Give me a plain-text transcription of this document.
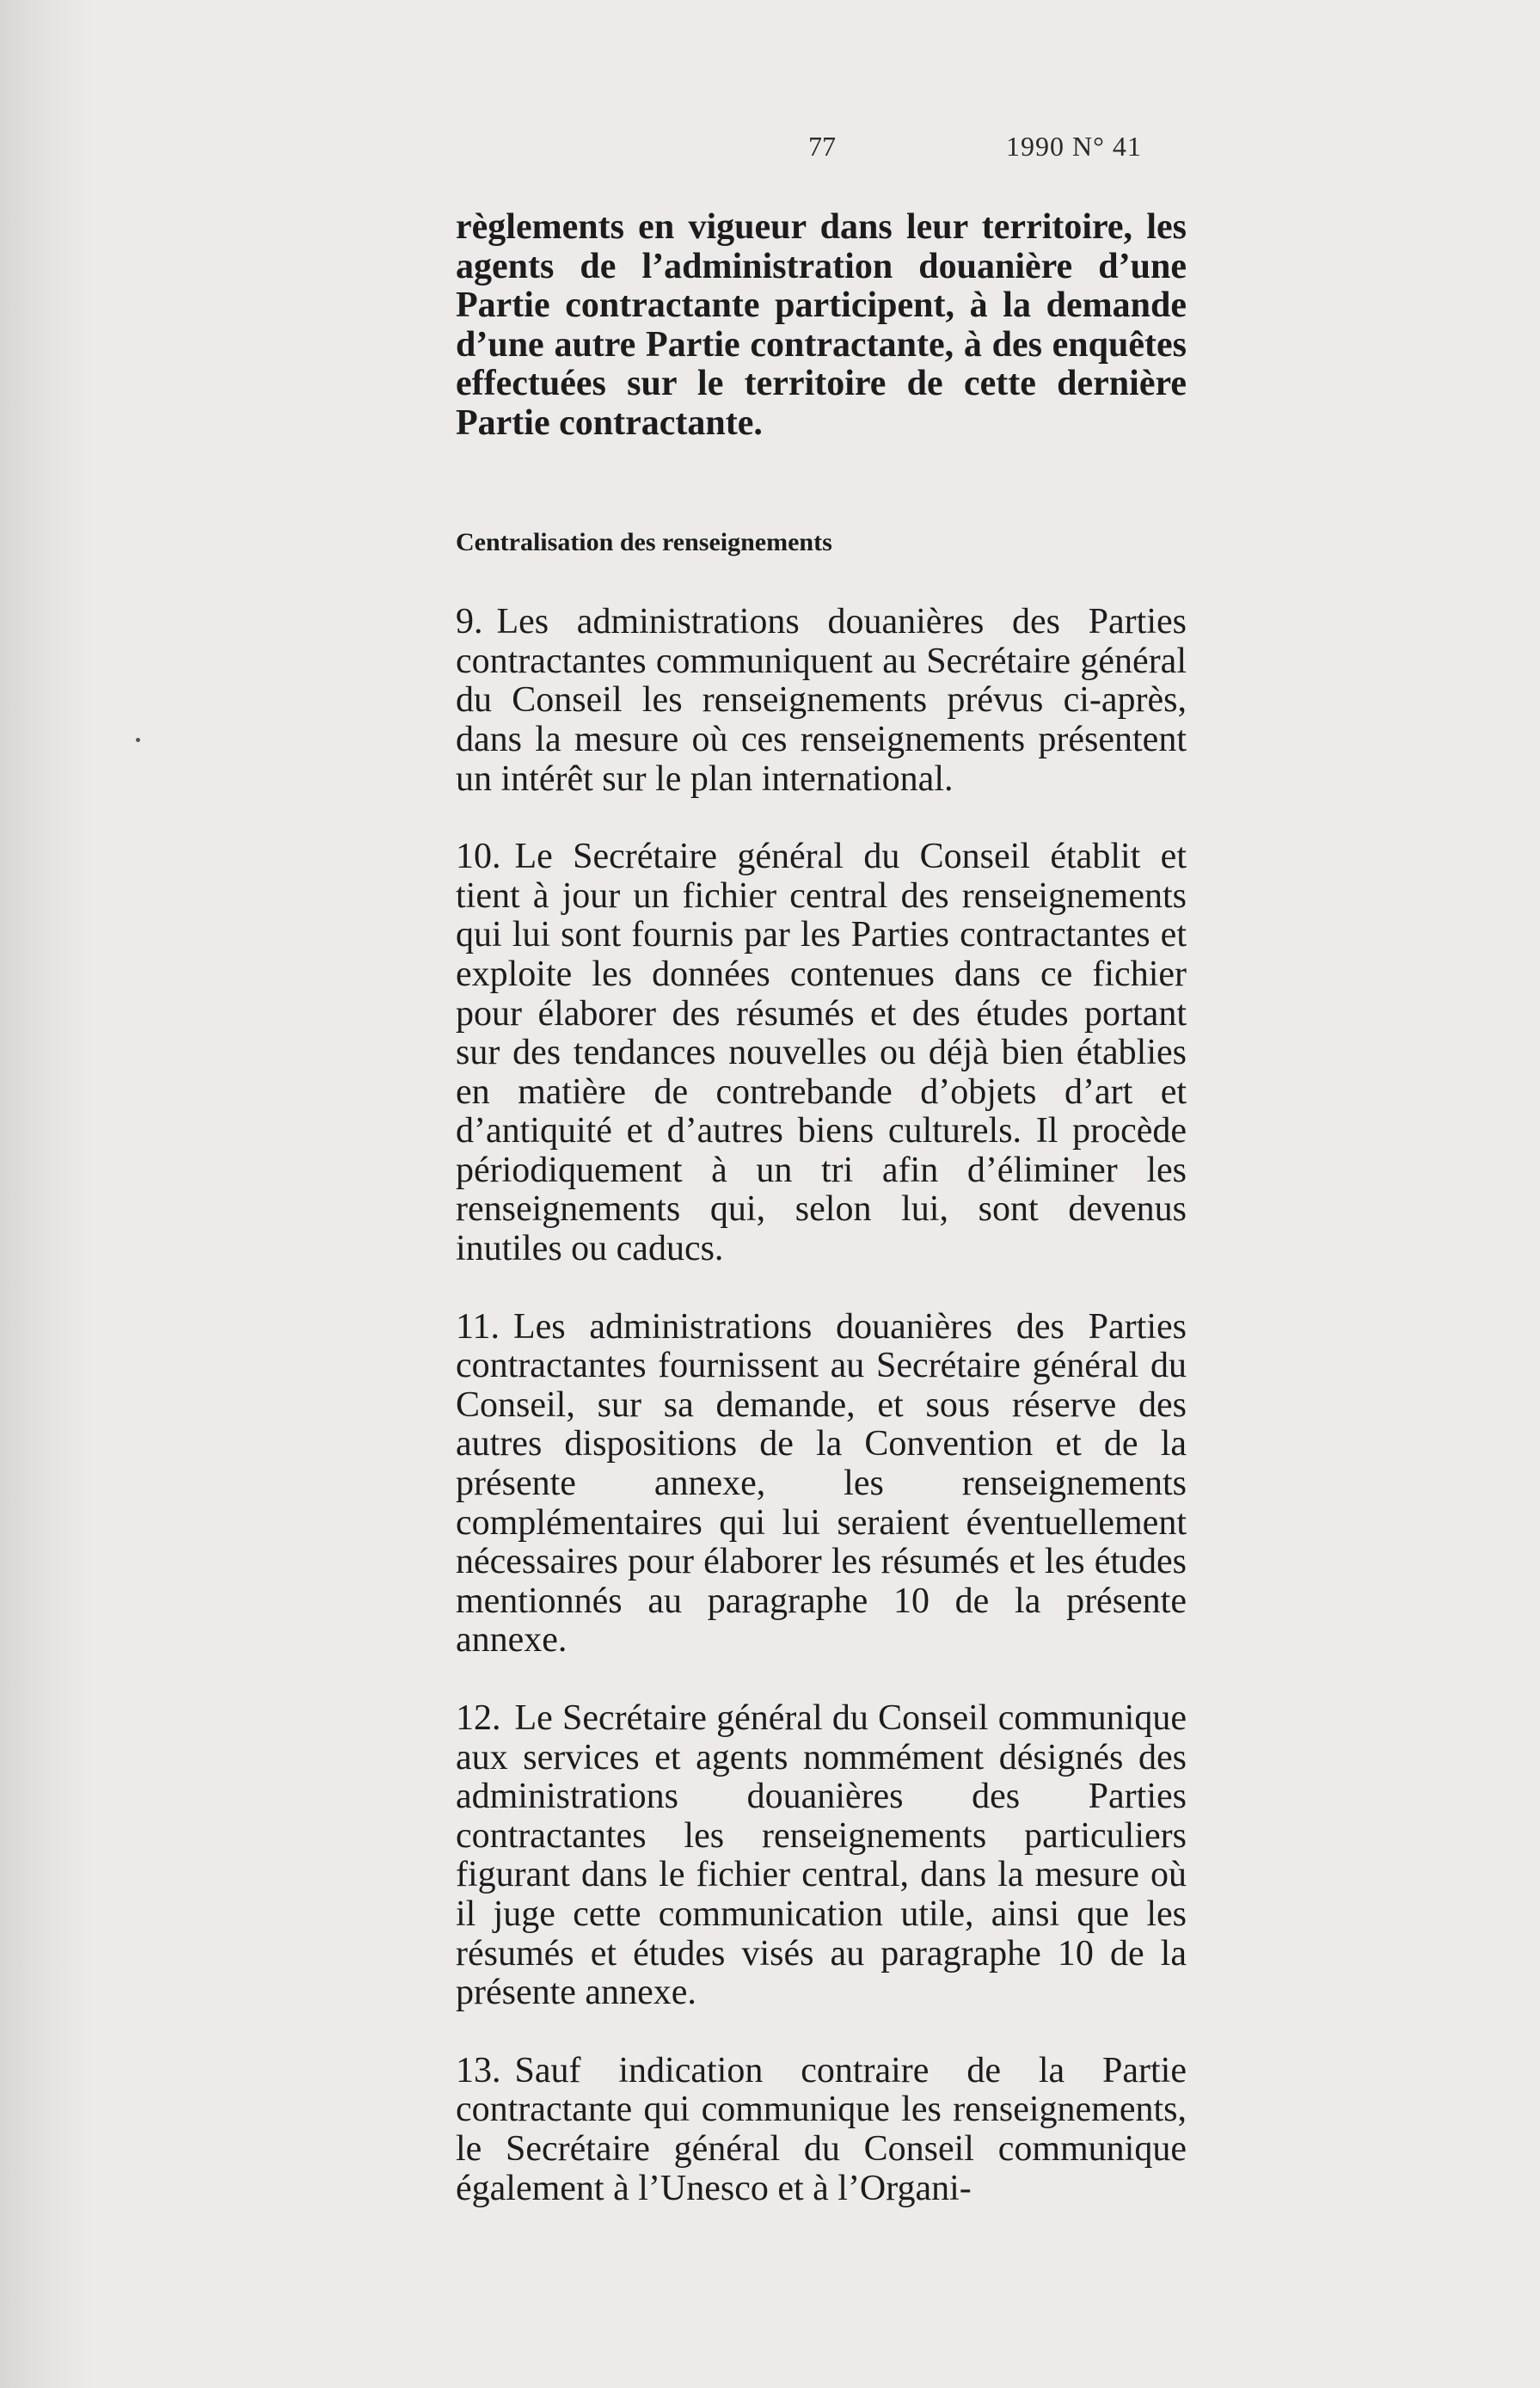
77	1990 N° 41

règlements en vigueur dans leur territoire, les agents de l’administration douanière d’une Partie contractante participent, à la demande d’une autre Partie contractante, à des enquêtes effectuées sur le territoire de cette dernière Partie contractante.

Centralisation des renseignements

9. Les administrations douanières des Parties contractantes communiquent au Secrétaire général du Conseil les renseignements prévus ci-après, dans la mesure où ces renseignements présentent un intérêt sur le plan international.

10. Le Secrétaire général du Conseil établit et tient à jour un fichier central des renseignements qui lui sont fournis par les Parties contractantes et exploite les données contenues dans ce fichier pour élaborer des résumés et des études portant sur des tendances nouvelles ou déjà bien établies en matière de contrebande d’objets d’art et d’antiquité et d’autres biens culturels. Il procède périodiquement à un tri afin d’éliminer les renseignements qui, selon lui, sont devenus inutiles ou caducs.

11. Les administrations douanières des Parties contractantes fournissent au Secrétaire général du Conseil, sur sa demande, et sous réserve des autres dispositions de la Convention et de la présente annexe, les renseignements complémentaires qui lui seraient éventuellement nécessaires pour élaborer les résumés et les études mentionnés au paragraphe 10 de la présente annexe.

12. Le Secrétaire général du Conseil communique aux services et agents nommément désignés des administrations douanières des Parties contractantes les renseignements particuliers figurant dans le fichier central, dans la mesure où il juge cette communication utile, ainsi que les résumés et études visés au paragraphe 10 de la présente annexe.

13. Sauf indication contraire de la Partie contractante qui communique les renseignements, le Secrétaire général du Conseil communique également à l’Unesco et à l’Organi-
